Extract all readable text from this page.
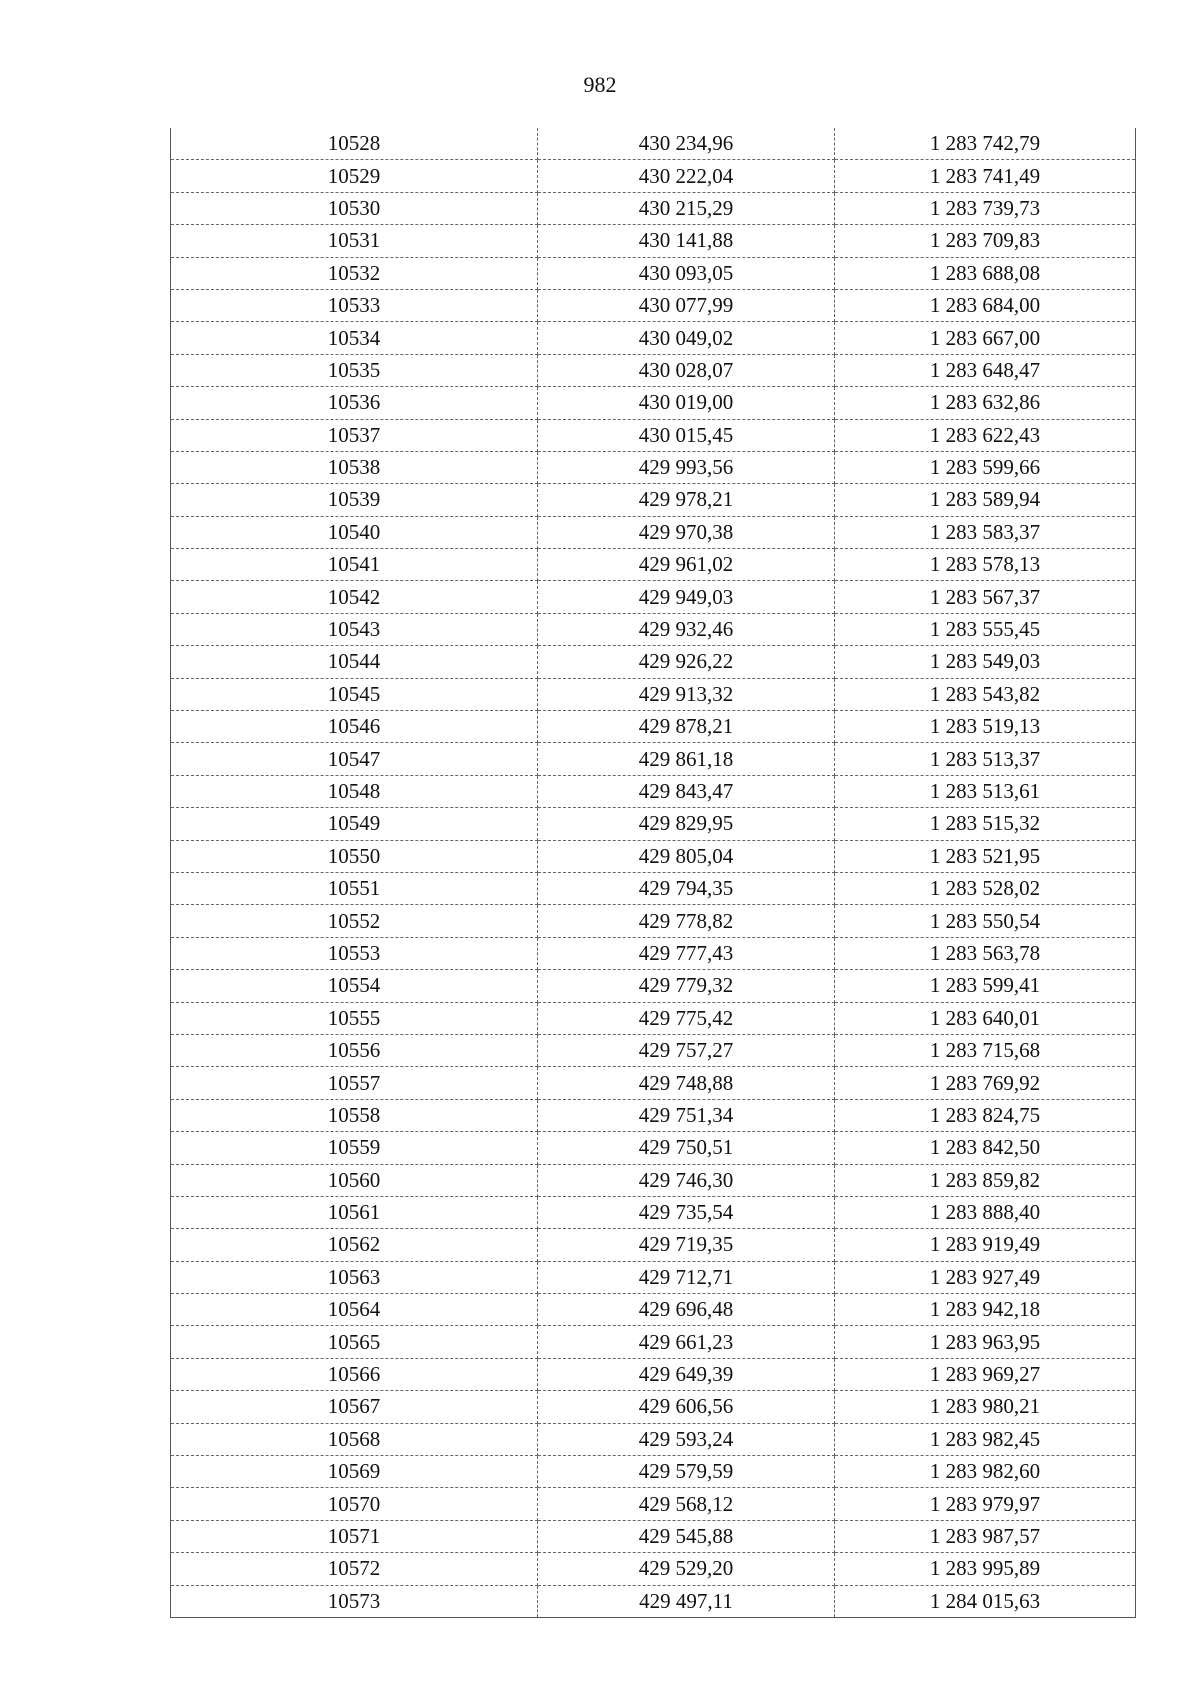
982
10528	430 234,96	1 283 742,79
10529	430 222,04	1 283 741,49
10530	430 215,29	1 283 739,73
10531	430 141,88	1 283 709,83
10532	430 093,05	1 283 688,08
10533	430 077,99	1 283 684,00
10534	430 049,02	1 283 667,00
10535	430 028,07	1 283 648,47
10536	430 019,00	1 283 632,86
10537	430 015,45	1 283 622,43
10538	429 993,56	1 283 599,66
10539	429 978,21	1 283 589,94
10540	429 970,38	1 283 583,37
10541	429 961,02	1 283 578,13
10542	429 949,03	1 283 567,37
10543	429 932,46	1 283 555,45
10544	429 926,22	1 283 549,03
10545	429 913,32	1 283 543,82
10546	429 878,21	1 283 519,13
10547	429 861,18	1 283 513,37
10548	429 843,47	1 283 513,61
10549	429 829,95	1 283 515,32
10550	429 805,04	1 283 521,95
10551	429 794,35	1 283 528,02
10552	429 778,82	1 283 550,54
10553	429 777,43	1 283 563,78
10554	429 779,32	1 283 599,41
10555	429 775,42	1 283 640,01
10556	429 757,27	1 283 715,68
10557	429 748,88	1 283 769,92
10558	429 751,34	1 283 824,75
10559	429 750,51	1 283 842,50
10560	429 746,30	1 283 859,82
10561	429 735,54	1 283 888,40
10562	429 719,35	1 283 919,49
10563	429 712,71	1 283 927,49
10564	429 696,48	1 283 942,18
10565	429 661,23	1 283 963,95
10566	429 649,39	1 283 969,27
10567	429 606,56	1 283 980,21
10568	429 593,24	1 283 982,45
10569	429 579,59	1 283 982,60
10570	429 568,12	1 283 979,97
10571	429 545,88	1 283 987,57
10572	429 529,20	1 283 995,89
10573	429 497,11	1 284 015,63
